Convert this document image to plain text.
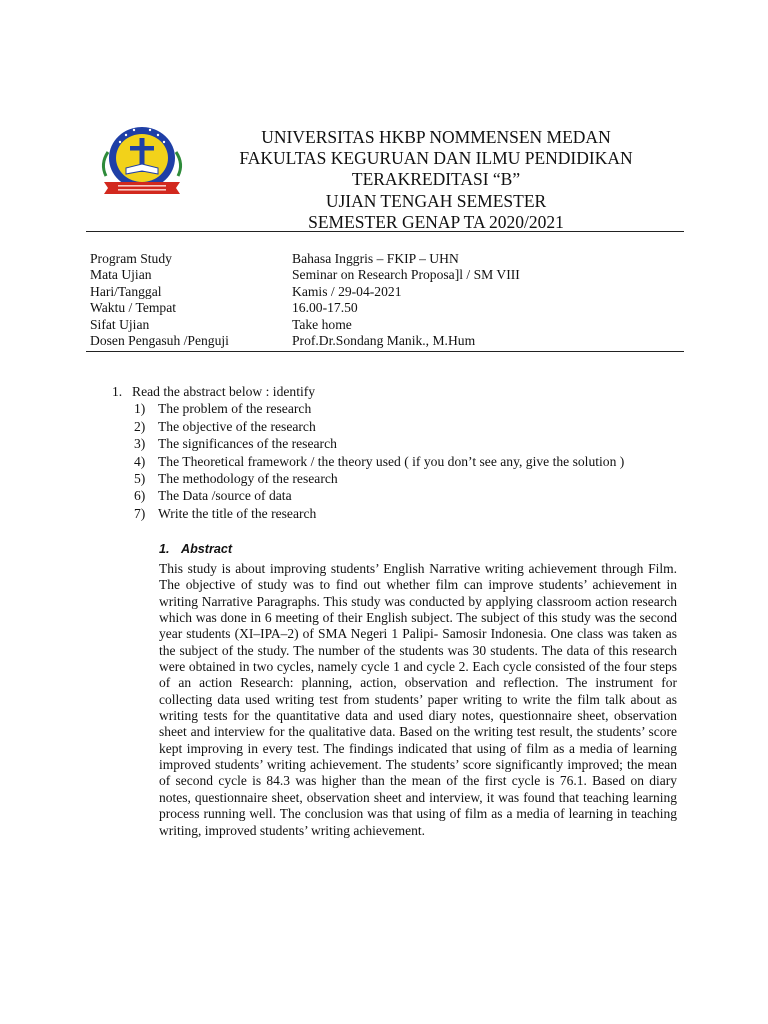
UNIVERSITAS HKBP NOMMENSEN MEDAN
FAKULTAS KEGURUAN DAN ILMU PENDIDIKAN
TERAKREDITASI “B”
UJIAN TENGAH SEMESTER
SEMESTER GENAP TA 2020/2021
Program Study	Bahasa Inggris – FKIP – UHN
Mata Ujian	Seminar on Research Proposa]l / SM VIII
Hari/Tanggal	Kamis / 29-04-2021
Waktu / Tempat	16.00-17.50
Sifat Ujian	Take home
Dosen Pengasuh /Penguji	Prof.Dr.Sondang Manik., M.Hum
1. Read the abstract below : identify
1) The problem of the research
2) The objective of the research
3) The significances of the research
4) The Theoretical framework / the theory used ( if you don’t see any, give the solution )
5) The methodology of the research
6) The Data /source of data
7) Write the title of the research
1. Abstract
This study is about improving students’ English Narrative writing achievement through Film. The objective of study was to find out whether film can improve students’ achievement in writing Narrative Paragraphs. This study was conducted by applying classroom action research which was done in 6 meeting of their English subject. The subject of this study was the second year students (XI–IPA–2) of SMA Negeri 1 Palipi- Samosir Indonesia. One class was taken as the subject of the study. The number of the students was 30 students. The data of this research were obtained in two cycles, namely cycle 1 and cycle 2. Each cycle consisted of the four steps of an action Research: planning, action, observation and reflection. The instrument for collecting data used writing test from students’ paper writing to write the film talk about as writing tests for the quantitative data and used diary notes, questionnaire sheet, observation sheet and interview for the qualitative data. Based on the writing test result, the students’ score kept improving in every test. The findings indicated that using of film as a media of learning improved students’ writing achievement. The students’ score significantly improved; the mean of second cycle is 84.3 was higher than the mean of the first cycle is 76.1. Based on diary notes, questionnaire sheet, observation sheet and interview, it was found that teaching learning process running well. The conclusion was that using of film as a media of learning in teaching writing, improved students’ writing achievement.
